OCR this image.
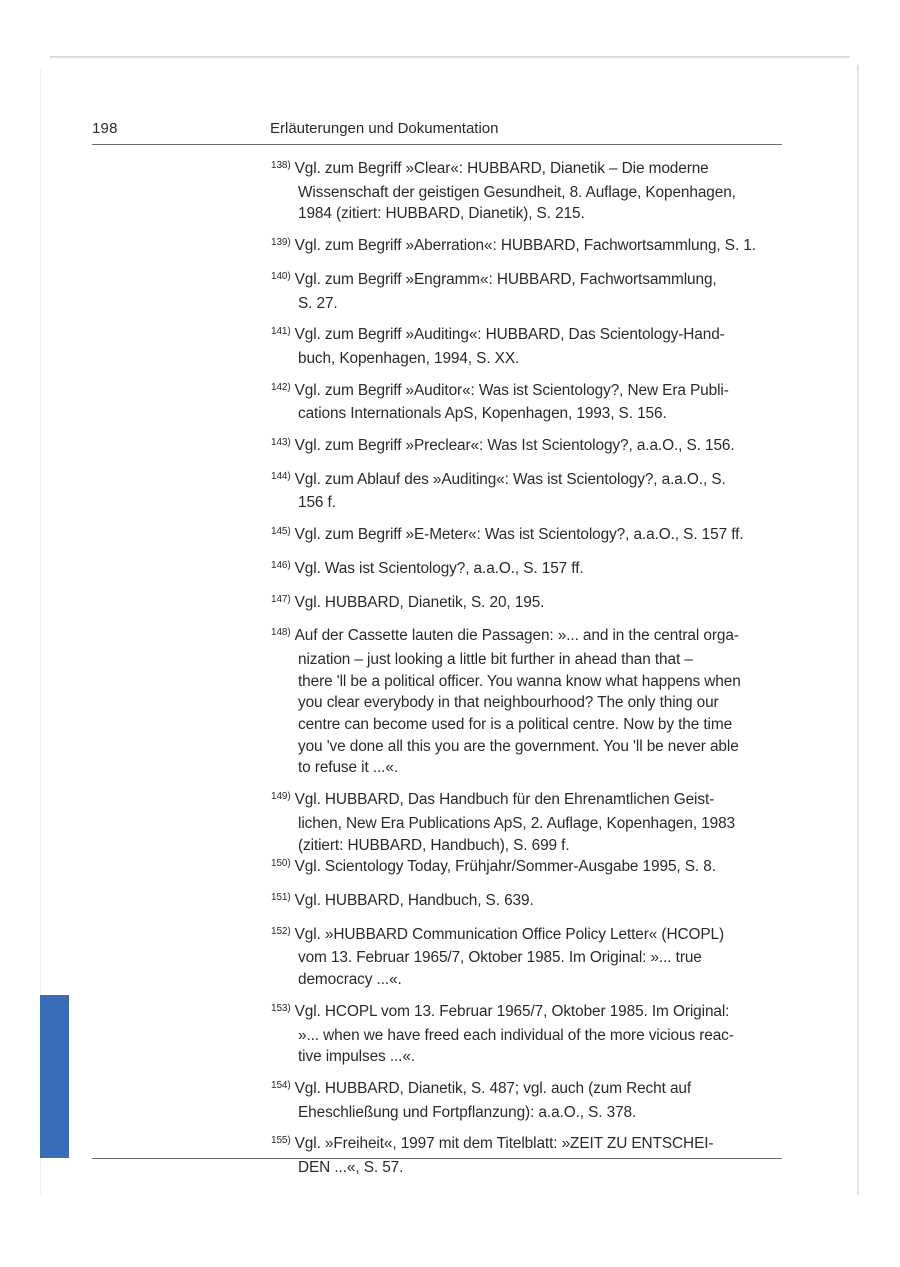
198	Erläuterungen und Dokumentation
138) Vgl. zum Begriff »Clear«: HUBBARD, Dianetik – Die moderne
Wissenschaft der geistigen Gesundheit, 8. Auflage, Kopenhagen,
1984 (zitiert: HUBBARD, Dianetik), S. 215.
139) Vgl. zum Begriff »Aberration«: HUBBARD, Fachwortsammlung, S. 1.
140) Vgl. zum Begriff »Engramm«: HUBBARD, Fachwortsammlung,
S. 27.
141) Vgl. zum Begriff »Auditing«: HUBBARD, Das Scientology-Hand-
buch, Kopenhagen, 1994, S. XX.
142) Vgl. zum Begriff »Auditor«: Was ist Scientology?, New Era Publi-
cations Internationals ApS, Kopenhagen, 1993, S. 156.
143) Vgl. zum Begriff »Preclear«: Was Ist Scientology?, a.a.O., S. 156.
144) Vgl. zum Ablauf des »Auditing«: Was ist Scientology?, a.a.O., S.
156 f.
145) Vgl. zum Begriff »E-Meter«: Was ist Scientology?, a.a.O., S. 157 ff.
146) Vgl. Was ist Scientology?, a.a.O., S. 157 ff.
147) Vgl. HUBBARD, Dianetik, S. 20, 195.
148) Auf der Cassette lauten die Passagen: »... and in the central orga-
nization – just looking a little bit further in ahead than that –
there 'll be a political officer. You wanna know what happens when
you clear everybody in that neighbourhood? The only thing our
centre can become used for is a political centre. Now by the time
you 've done all this you are the government. You 'll be never able
to refuse it ...«.
149) Vgl. HUBBARD, Das Handbuch für den Ehrenamtlichen Geist-
lichen, New Era Publications ApS, 2. Auflage, Kopenhagen, 1983
(zitiert: HUBBARD, Handbuch), S. 699 f.
150) Vgl. Scientology Today, Frühjahr/Sommer-Ausgabe 1995, S. 8.
151) Vgl. HUBBARD, Handbuch, S. 639.
152) Vgl. »HUBBARD Communication Office Policy Letter« (HCOPL)
vom 13. Februar 1965/7, Oktober 1985. Im Original: »... true
democracy ...«.
153) Vgl. HCOPL vom 13. Februar 1965/7, Oktober 1985. Im Original:
»... when we have freed each individual of the more vicious reac-
tive impulses ...«.
154) Vgl. HUBBARD, Dianetik, S. 487; vgl. auch (zum Recht auf
Eheschließung und Fortpflanzung): a.a.O., S. 378.
155) Vgl. »Freiheit«, 1997 mit dem Titelblatt: »ZEIT ZU ENTSCHEI-
DEN ...«, S. 57.
